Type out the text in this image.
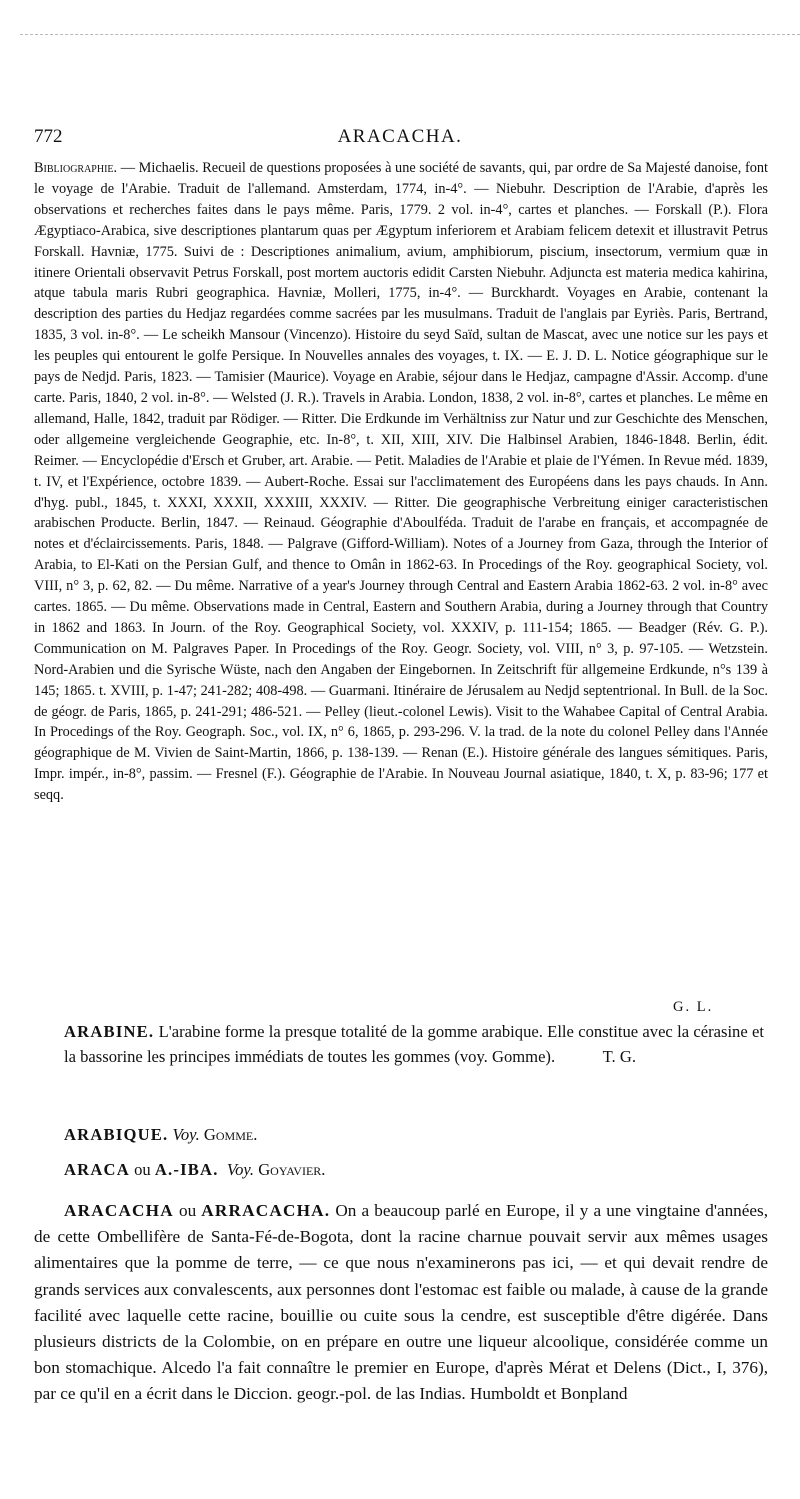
772	ARACACHA.
Bibliographie. — Michaelis. Recueil de questions proposées à une société de savants, qui, par ordre de Sa Majesté danoise, font le voyage de l'Arabie. Traduit de l'allemand. Amsterdam, 1774, in-4°. — Niebuhr. Description de l'Arabie, d'après les observations et recherches faites dans le pays même. Paris, 1779. 2 vol. in-4°, cartes et planches. — Forskall (P.). Flora Ægyptiaco-Arabica, sive descriptiones plantarum quas per Ægyptum inferiorem et Arabiam felicem detexit et illustravit Petrus Forskall. Havniæ, 1775. Suivi de : Descriptiones animalium, avium, amphibiorum, piscium, insectorum, vermium quæ in itinere Orientali observavit Petrus Forskall, post mortem auctoris edidit Carsten Niebuhr. Adjuncta est materia medica kahirina, atque tabula maris Rubri geographica. Havniæ, Molleri, 1775, in-4°. — Burckhardt. Voyages en Arabie, contenant la description des parties du Hedjaz regardées comme sacrées par les musulmans. Traduit de l'anglais par Eyriès. Paris, Bertrand, 1835, 3 vol. in-8°. — Le scheikh Mansour (Vincenzo). Histoire du seyd Saïd, sultan de Mascat, avec une notice sur les pays et les peuples qui entourent le golfe Persique. In Nouvelles annales des voyages, t. IX. — E. J. D. L. Notice géographique sur le pays de Nedjd. Paris, 1823. — Tamisier (Maurice). Voyage en Arabie, séjour dans le Hedjaz, campagne d'Assir. Accomp. d'une carte. Paris, 1840, 2 vol. in-8°. — Welsted (J. R.). Travels in Arabia. London, 1838, 2 vol. in-8°, cartes et planches. Le même en allemand, Halle, 1842, traduit par Rödiger. — Ritter. Die Erdkunde im Verhältniss zur Natur und zur Geschichte des Menschen, oder allgemeine vergleichende Geographie, etc. In-8°, t. XII, XIII, XIV. Die Halbinsel Arabien, 1846-1848. Berlin, édit. Reimer. — Encyclopédie d'Ersch et Gruber, art. Arabie. — Petit. Maladies de l'Arabie et plaie de l'Yémen. In Revue méd. 1839, t. IV, et l'Expérience, octobre 1839. — Aubert-Roche. Essai sur l'acclimatement des Européens dans les pays chauds. In Ann. d'hyg. publ., 1845, t. XXXI, XXXII, XXXIII, XXXIV. — Ritter. Die geographische Verbreitung einiger caracteristischen arabischen Producte. Berlin, 1847. — Reinaud. Géographie d'Aboulféda. Traduit de l'arabe en français, et accompagnée de notes et d'éclaircissements. Paris, 1848. — Palgrave (Gifford-William). Notes of a Journey from Gaza, through the Interior of Arabia, to El-Kati on the Persian Gulf, and thence to Omân in 1862-63. In Procedings of the Roy. geographical Society, vol. VIII, n° 3, p. 62, 82. — Du même. Narrative of a year's Journey through Central and Eastern Arabia 1862-63. 2 vol. in-8° avec cartes. 1865. — Du même. Observations made in Central, Eastern and Southern Arabia, during a Journey through that Country in 1862 and 1863. In Journ. of the Roy. Geographical Society, vol. XXXIV, p. 111-154; 1865. — Beadger (Rév. G. P.). Communication on M. Palgraves Paper. In Procedings of the Roy. Geogr. Society, vol. VIII, n° 3, p. 97-105. — Wetzstein. Nord-Arabien und die Syrische Wüste, nach den Angaben der Eingebornen. In Zeitschrift für allgemeine Erdkunde, n°s 139 à 145; 1865. t. XVIII, p. 1-47; 241-282; 408-498. — Guarmani. Itinéraire de Jérusalem au Nedjd septentrional. In Bull. de la Soc. de géogr. de Paris, 1865, p. 241-291; 486-521. — Pelley (lieut.-colonel Lewis). Visit to the Wahabee Capital of Central Arabia. In Procedings of the Roy. Geograph. Soc., vol. IX, n° 6, 1865, p. 293-296. V. la trad. de la note du colonel Pelley dans l'Année géographique de M. Vivien de Saint-Martin, 1866, p. 138-139. — Renan (E.). Histoire générale des langues sémitiques. Paris, Impr. impér., in-8°, passim. — Fresnel (F.). Géographie de l'Arabie. In Nouveau Journal asiatique, 1840, t. X, p. 83-96; 177 et seqq.
G. L.
ARABINE. L'arabine forme la presque totalité de la gomme arabique. Elle constitue avec la cérasine et la bassorine les principes immédiats de toutes les gommes (voy. Gomme).	T. G.
ARABIQUE. Voy. Gomme.
ARACA ou A.-IBA. Voy. Goyavier.
ARACACHA ou ARRACACHA. On a beaucoup parlé en Europe, il y a une vingtaine d'années, de cette Ombellifère de Santa-Fé-de-Bogota, dont la racine charnue pouvait servir aux mêmes usages alimentaires que la pomme de terre, — ce que nous n'examinerons pas ici, — et qui devait rendre de grands services aux convalescents, aux personnes dont l'estomac est faible ou malade, à cause de la grande facilité avec laquelle cette racine, bouillie ou cuite sous la cendre, est susceptible d'être digérée. Dans plusieurs districts de la Colombie, on en prépare en outre une liqueur alcoolique, considérée comme un bon stomachique. Alcedo l'a fait connaître le premier en Europe, d'après Mérat et Delens (Dict., I, 376), par ce qu'il en a écrit dans le Diccion. geogr.-pol. de las Indias. Humboldt et Bonpland
